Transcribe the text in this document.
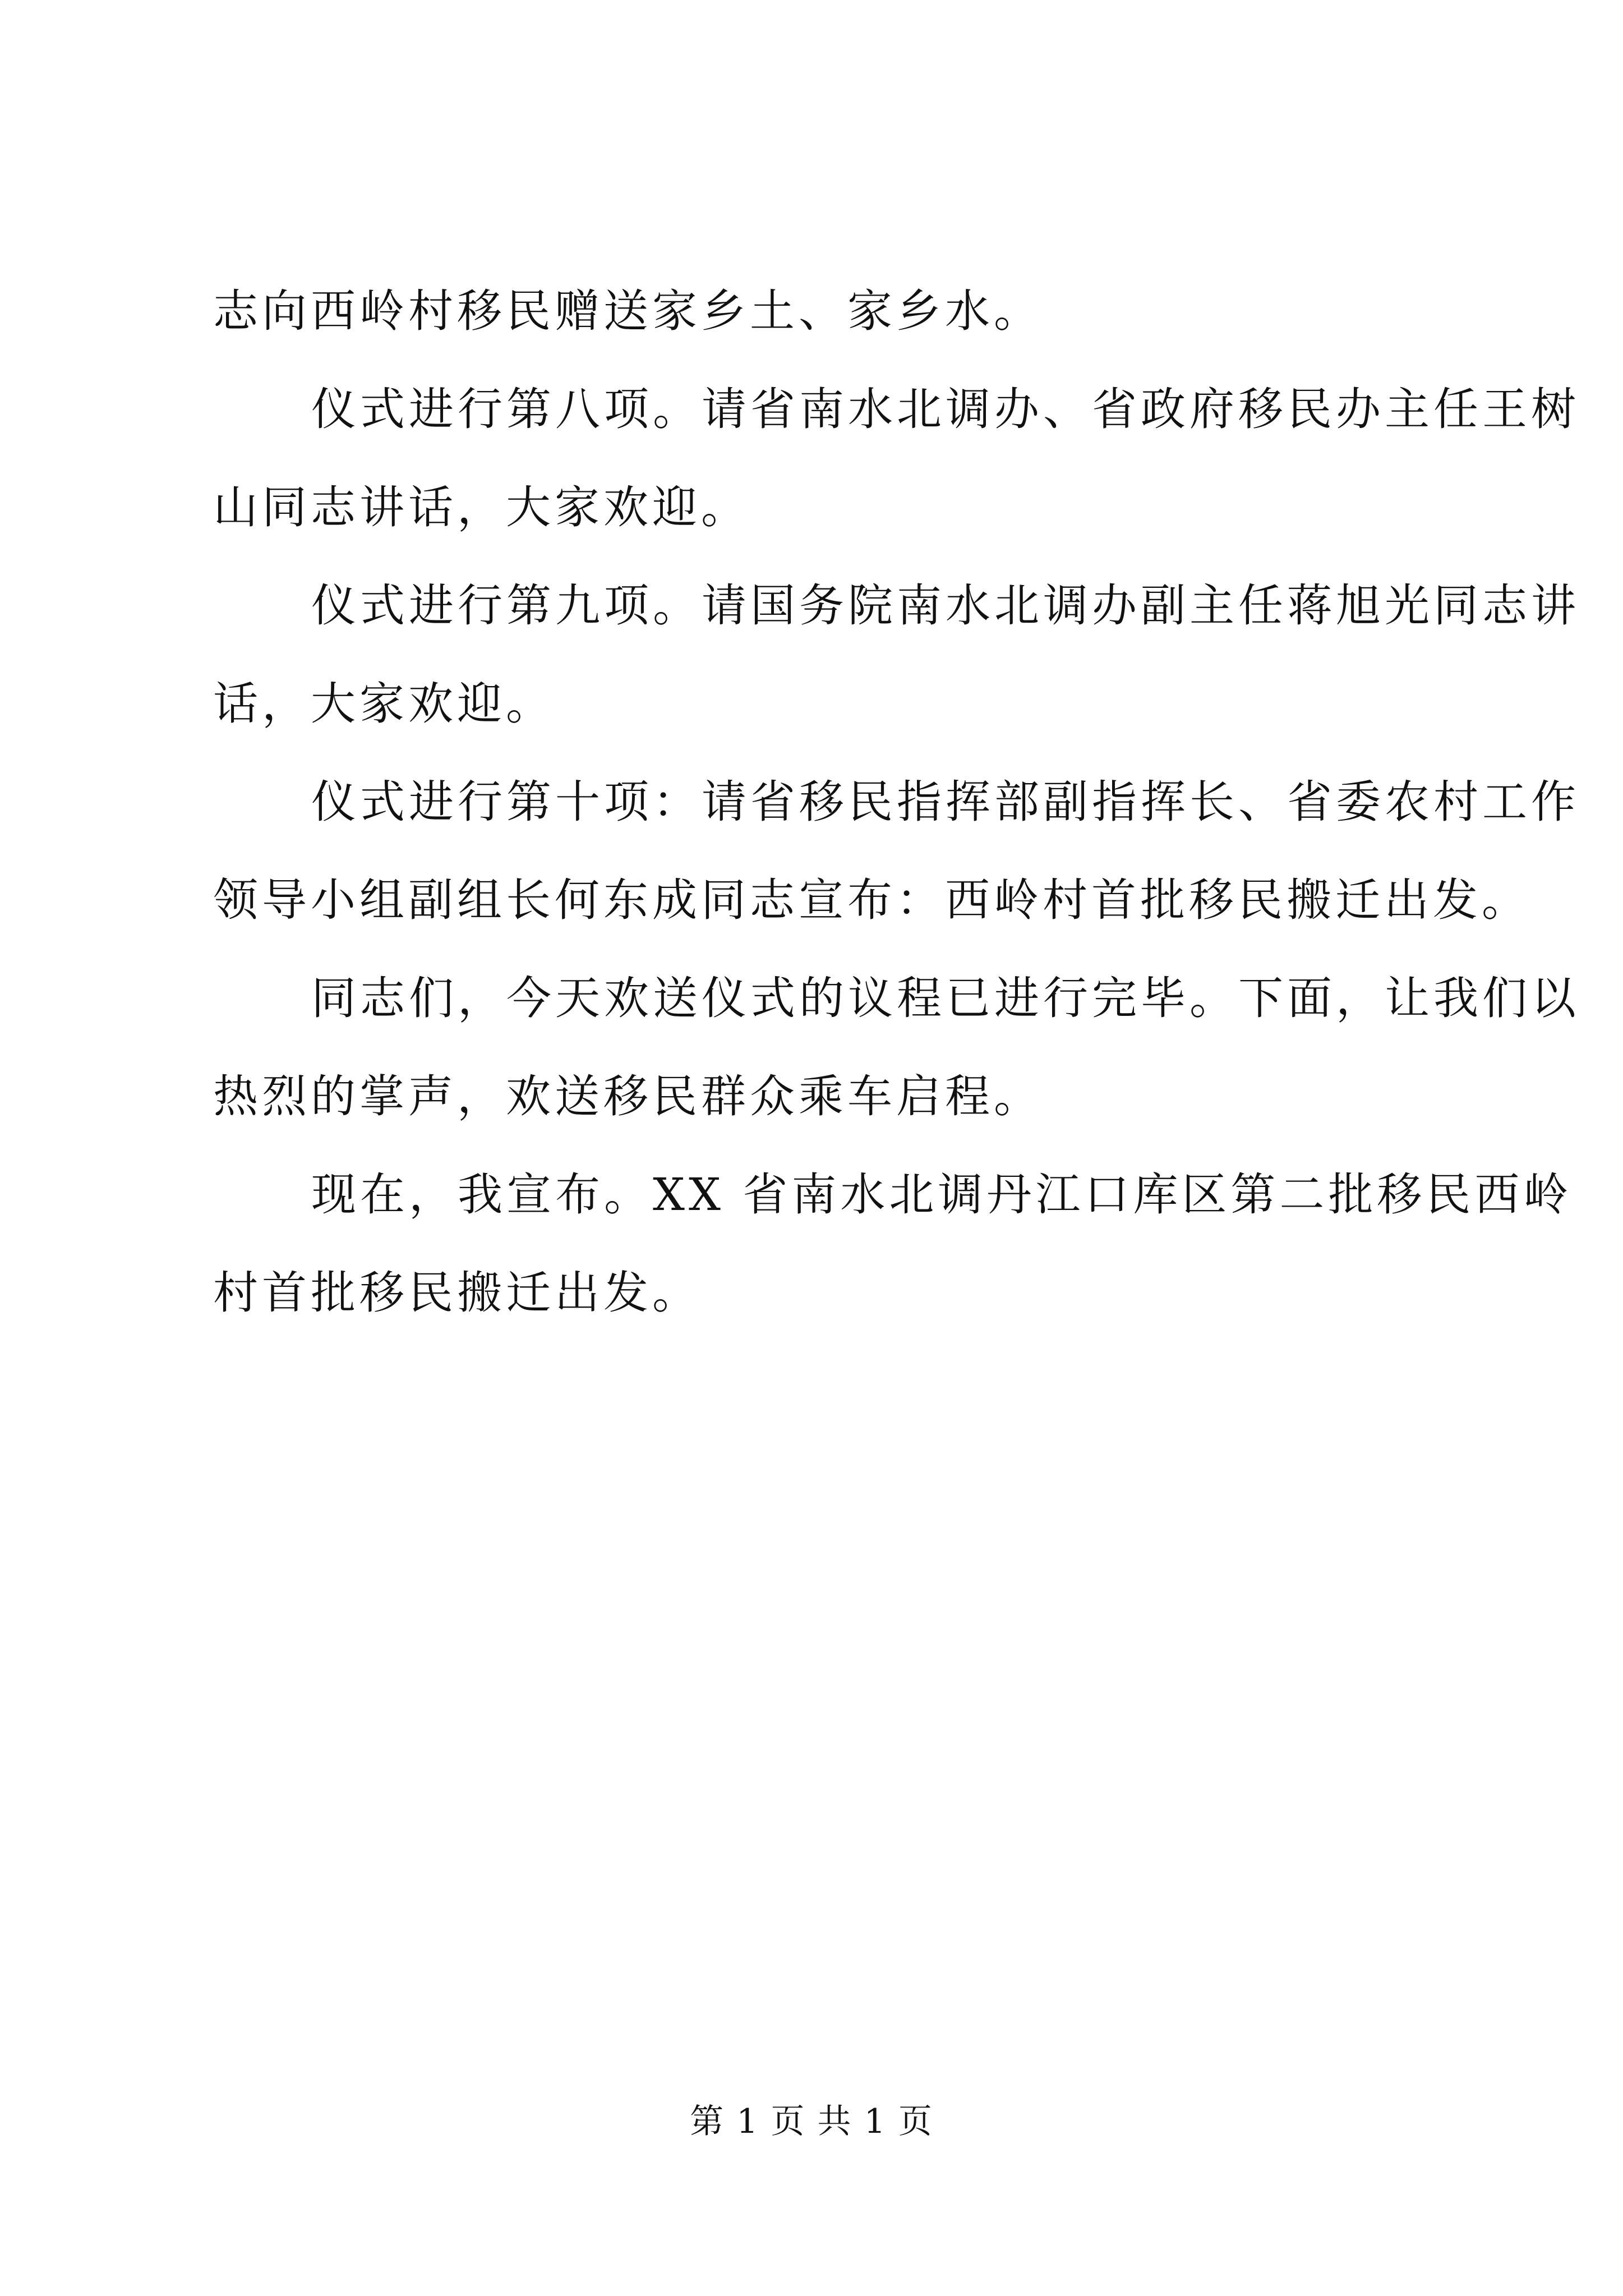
志向西岭村移民赠送家乡土、家乡水。
仪式进行第八项。请省南水北调办、省政府移民办主任王树
山同志讲话，大家欢迎。
仪式进行第九项。请国务院南水北调办副主任蒋旭光同志讲
话，大家欢迎。
仪式进行第十项：请省移民指挥部副指挥长、省委农村工作
领导小组副组长何东成同志宣布：西岭村首批移民搬迁出发。
同志们，今天欢送仪式的议程已进行完毕。下面，让我们以
热烈的掌声，欢送移民群众乘车启程。
现在，我宣布。XX 省南水北调丹江口库区第二批移民西岭
村首批移民搬迁出发。
第 1 页 共 1 页
